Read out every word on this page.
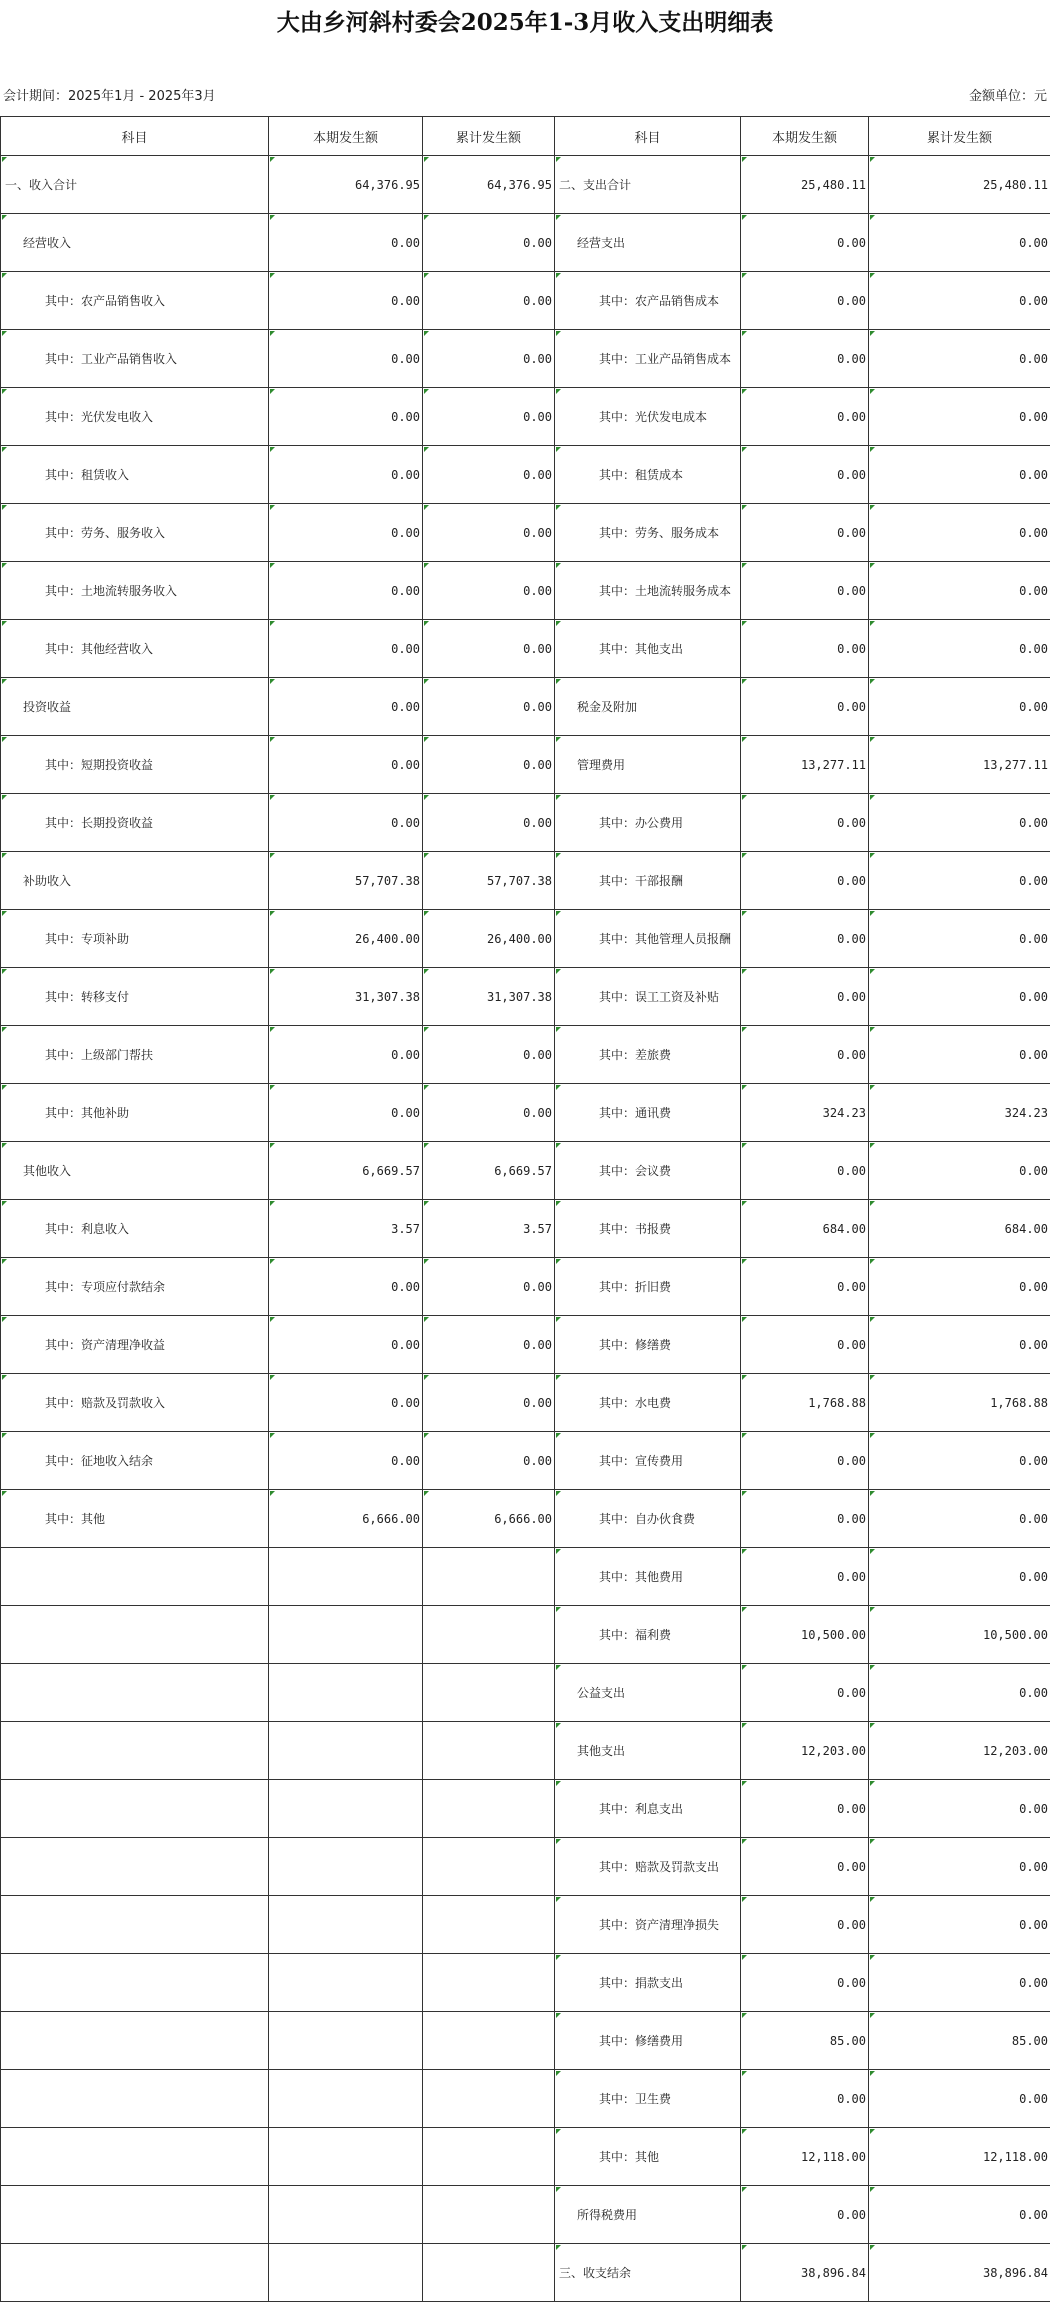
大由乡河斜村委会2025年1-3月收入支出明细表
会计期间：2025年1月 - 2025年3月	金额单位：元
科目	本期发生额	累计发生额	科目	本期发生额	累计发生额
一、收入合计	64,376.95	64,376.95	二、支出合计	25,480.11	25,480.11
经营收入	0.00	0.00	经营支出	0.00	0.00
其中：农产品销售收入	0.00	0.00	其中：农产品销售成本	0.00	0.00
其中：工业产品销售收入	0.00	0.00	其中：工业产品销售成本	0.00	0.00
其中：光伏发电收入	0.00	0.00	其中：光伏发电成本	0.00	0.00
其中：租赁收入	0.00	0.00	其中：租赁成本	0.00	0.00
其中：劳务、服务收入	0.00	0.00	其中：劳务、服务成本	0.00	0.00
其中：土地流转服务收入	0.00	0.00	其中：土地流转服务成本	0.00	0.00
其中：其他经营收入	0.00	0.00	其中：其他支出	0.00	0.00
投资收益	0.00	0.00	税金及附加	0.00	0.00
其中：短期投资收益	0.00	0.00	管理费用	13,277.11	13,277.11
其中：长期投资收益	0.00	0.00	其中：办公费用	0.00	0.00
补助收入	57,707.38	57,707.38	其中：干部报酬	0.00	0.00
其中：专项补助	26,400.00	26,400.00	其中：其他管理人员报酬	0.00	0.00
其中：转移支付	31,307.38	31,307.38	其中：误工工资及补贴	0.00	0.00
其中：上级部门帮扶	0.00	0.00	其中：差旅费	0.00	0.00
其中：其他补助	0.00	0.00	其中：通讯费	324.23	324.23
其他收入	6,669.57	6,669.57	其中：会议费	0.00	0.00
其中：利息收入	3.57	3.57	其中：书报费	684.00	684.00
其中：专项应付款结余	0.00	0.00	其中：折旧费	0.00	0.00
其中：资产清理净收益	0.00	0.00	其中：修缮费	0.00	0.00
其中：赔款及罚款收入	0.00	0.00	其中：水电费	1,768.88	1,768.88
其中：征地收入结余	0.00	0.00	其中：宣传费用	0.00	0.00
其中：其他	6,666.00	6,666.00	其中：自办伙食费	0.00	0.00
			其中：其他费用	0.00	0.00
			其中：福利费	10,500.00	10,500.00
			公益支出	0.00	0.00
			其他支出	12,203.00	12,203.00
			其中：利息支出	0.00	0.00
			其中：赔款及罚款支出	0.00	0.00
			其中：资产清理净损失	0.00	0.00
			其中：捐款支出	0.00	0.00
			其中：修缮费用	85.00	85.00
			其中：卫生费	0.00	0.00
			其中：其他	12,118.00	12,118.00
			所得税费用	0.00	0.00
			三、收支结余	38,896.84	38,896.84
